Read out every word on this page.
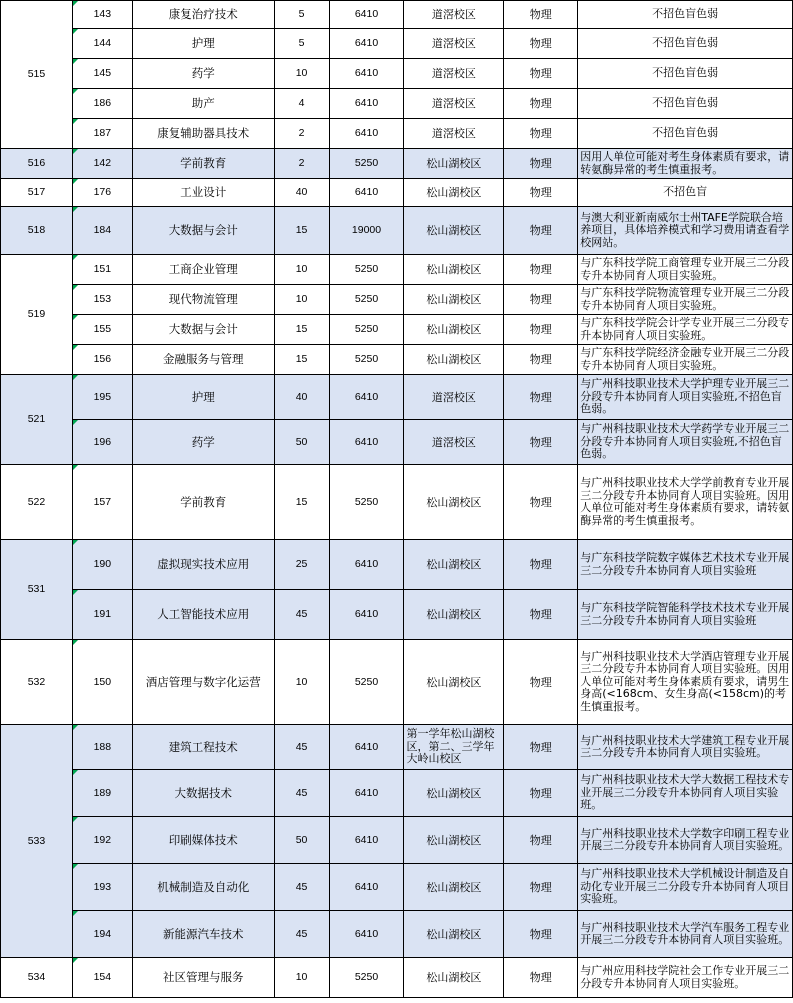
515	143	康复治疗技术	5	6410	道滘校区	物理	不招色盲色弱
	144	护理	5	6410	道滘校区	物理	不招色盲色弱
	145	药学	10	6410	道滘校区	物理	不招色盲色弱
	186	助产	4	6410	道滘校区	物理	不招色盲色弱
	187	康复辅助器具技术	2	6410	道滘校区	物理	不招色盲色弱
516	142	学前教育	2	5250	松山湖校区	物理	因用人单位可能对考生身体素质有要求，请转氨酶异常的考生慎重报考。
517	176	工业设计	40	6410	松山湖校区	物理	不招色盲
518	184	大数据与会计	15	19000	松山湖校区	物理	与澳大利亚新南威尔士州TAFE学院联合培养项目，具体培养模式和学习费用请查看学校网站。
519	151	工商企业管理	10	5250	松山湖校区	物理	与广东科技学院工商管理专业开展三二分段专升本协同育人项目实验班。
	153	现代物流管理	10	5250	松山湖校区	物理	与广东科技学院物流管理专业开展三二分段专升本协同育人项目实验班。
	155	大数据与会计	15	5250	松山湖校区	物理	与广东科技学院会计学专业开展三二分段专升本协同育人项目实验班。
	156	金融服务与管理	15	5250	松山湖校区	物理	与广东科技学院经济金融专业开展三二分段专升本协同育人项目实验班。
521	195	护理	40	6410	道滘校区	物理	与广州科技职业技术大学护理专业开展三二分段专升本协同育人项目实验班,不招色盲色弱。
	196	药学	50	6410	道滘校区	物理	与广州科技职业技术大学药学专业开展三二分段专升本协同育人项目实验班,不招色盲色弱。
522	157	学前教育	15	5250	松山湖校区	物理	与广州科技职业技术大学学前教育专业开展三二分段专升本协同育人项目实验班。因用人单位可能对考生身体素质有要求，请转氨酶异常的考生慎重报考。
531	190	虚拟现实技术应用	25	6410	松山湖校区	物理	与广东科技学院数字媒体艺术技术专业开展三二分段专升本协同育人项目实验班
	191	人工智能技术应用	45	6410	松山湖校区	物理	与广东科技学院智能科学技术技术专业开展三二分段专升本协同育人项目实验班
532	150	酒店管理与数字化运营	10	5250	松山湖校区	物理	与广州科技职业技术大学酒店管理专业开展三二分段专升本协同育人项目实验班。因用人单位可能对考生身体素质有要求，请男生身高(<168cm、女生身高(<158cm)的考生慎重报考。
533	188	建筑工程技术	45	6410	第一学年松山湖校区，第二、三学年大岭山校区	物理	与广州科技职业技术大学建筑工程专业开展三二分段专升本协同育人项目实验班。
	189	大数据技术	45	6410	松山湖校区	物理	与广州科技职业技术大学大数据工程技术专业开展三二分段专升本协同育人项目实验班。
	192	印刷媒体技术	50	6410	松山湖校区	物理	与广州科技职业技术大学数字印刷工程专业开展三二分段专升本协同育人项目实验班。
	193	机械制造及自动化	45	6410	松山湖校区	物理	与广州科技职业技术大学机械设计制造及自动化专业开展三二分段专升本协同育人项目实验班。
	194	新能源汽车技术	45	6410	松山湖校区	物理	与广州科技职业技术大学汽车服务工程专业开展三二分段专升本协同育人项目实验班。
534	154	社区管理与服务	10	5250	松山湖校区	物理	与广州应用科技学院社会工作专业开展三二分段专升本协同育人项目实验班。
